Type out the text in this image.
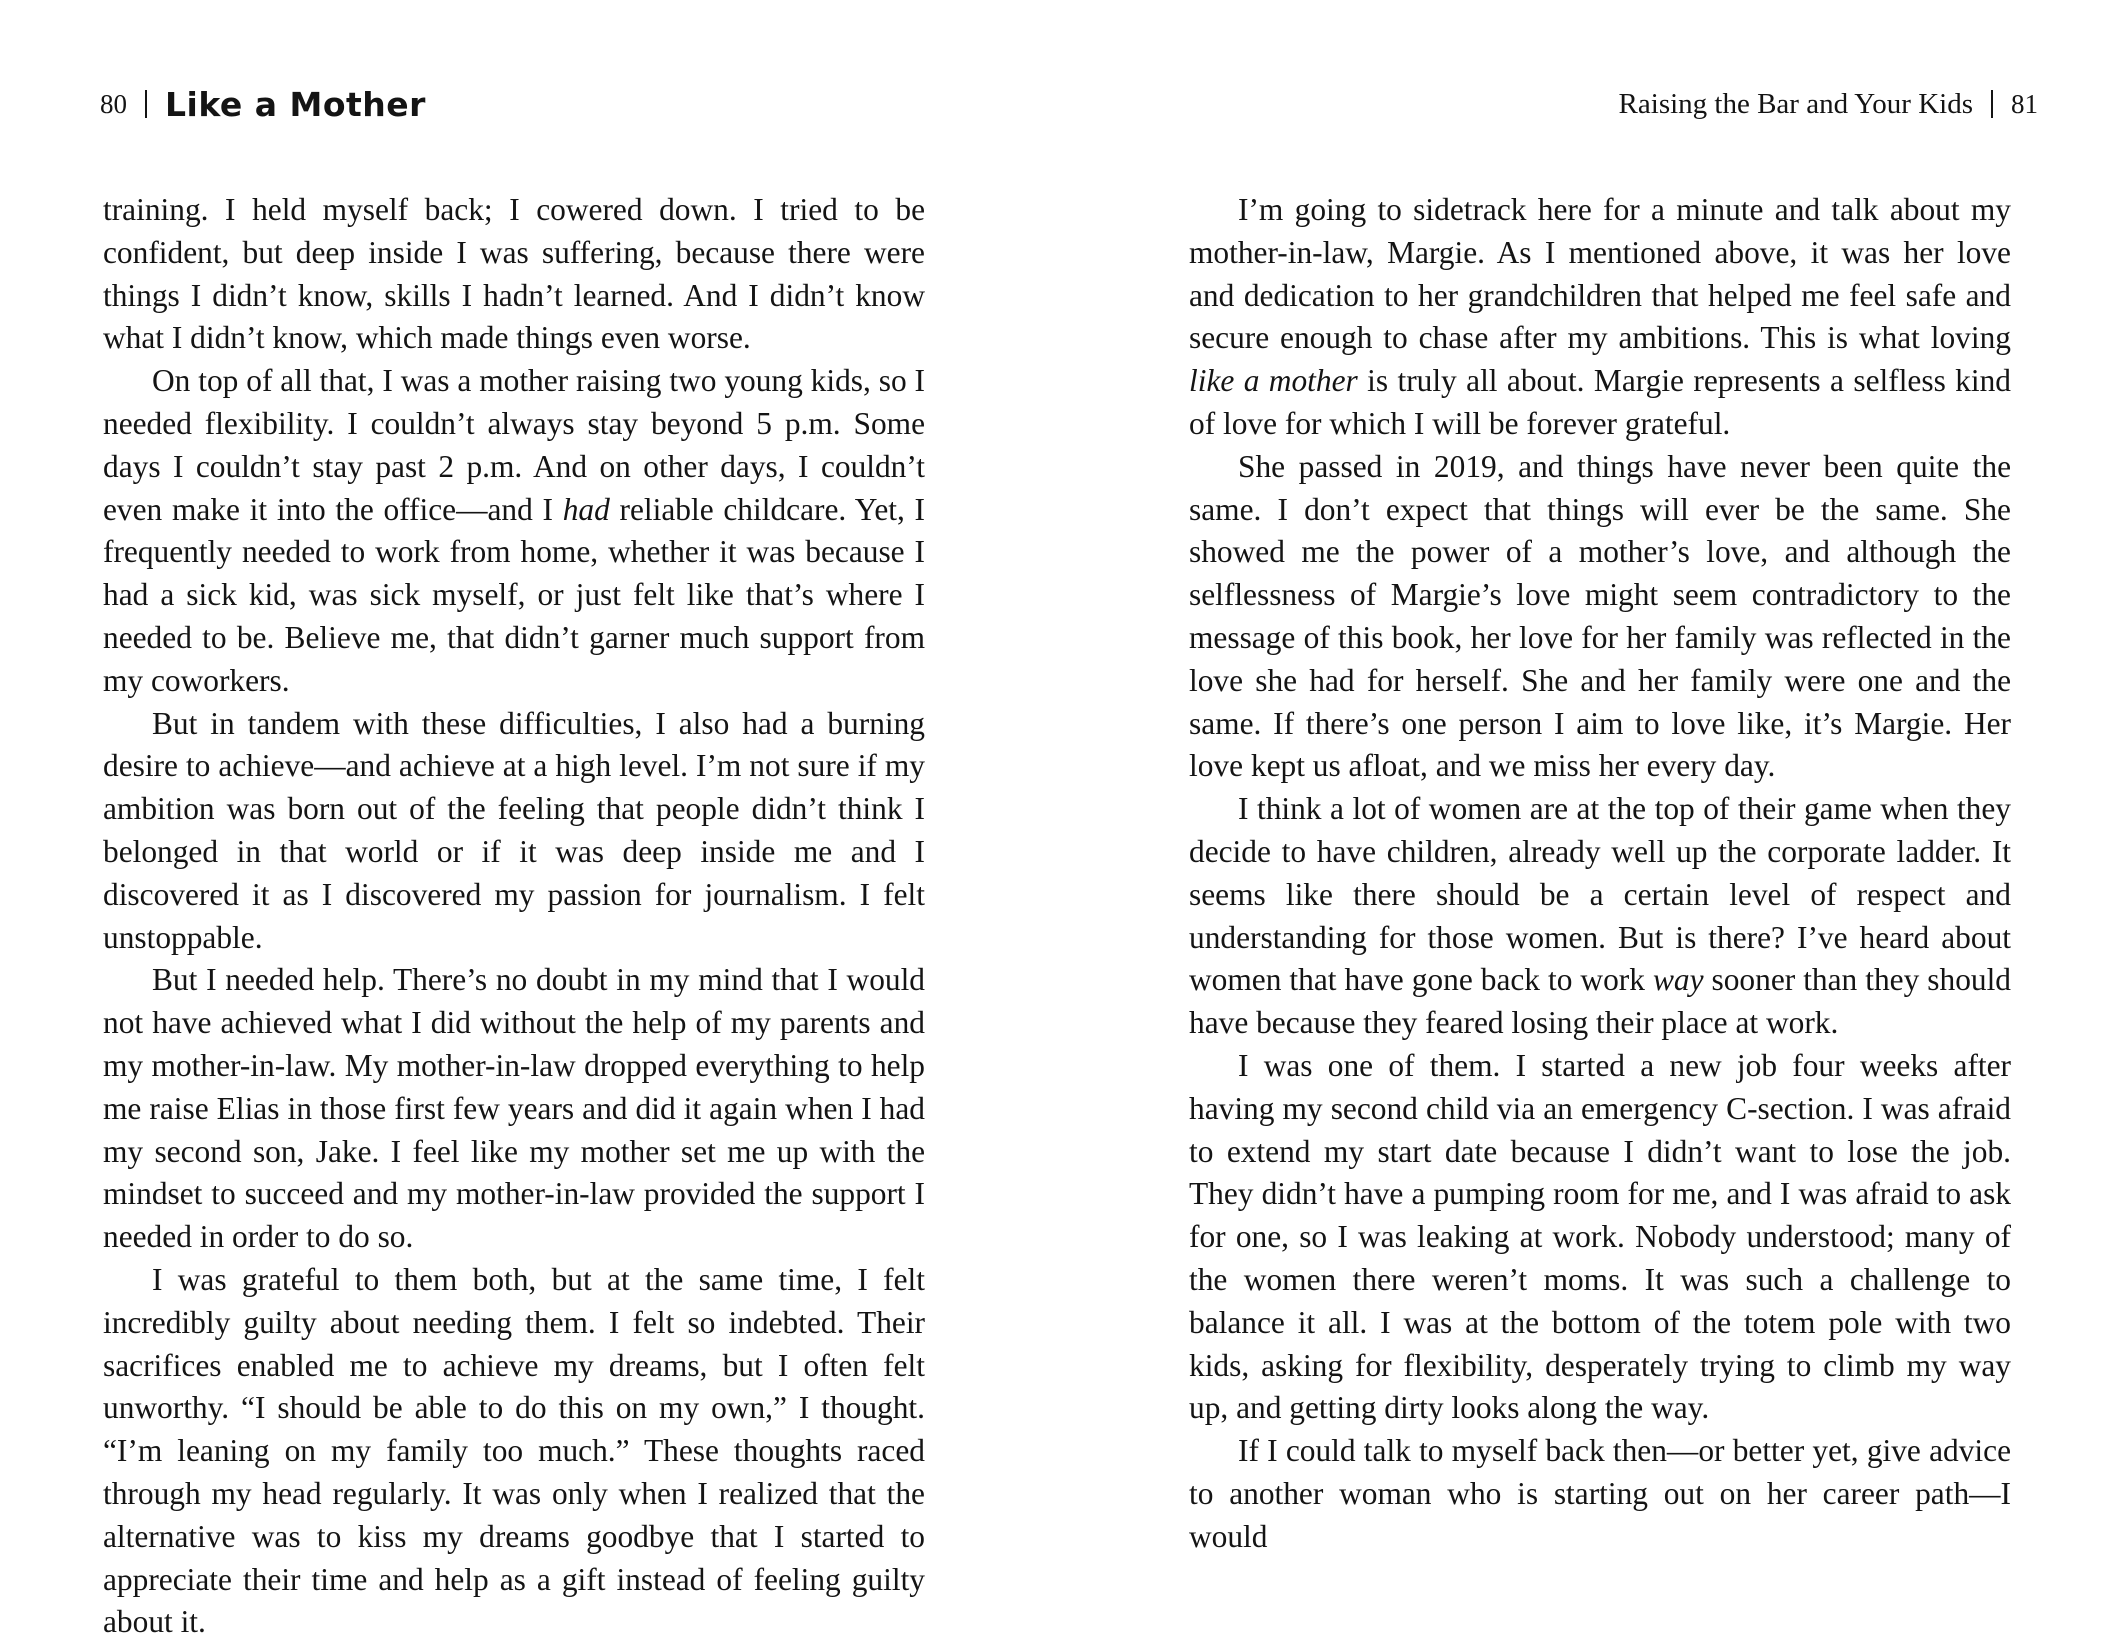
80 Like a Mother

training. I held myself back; I cowered down. I tried to be confident, but deep inside I was suffering, because there were things I didn’t know, skills I hadn’t learned. And I didn’t know what I didn’t know, which made things even worse.

On top of all that, I was a mother raising two young kids, so I needed flexibility. I couldn’t always stay beyond 5 p.m. Some days I couldn’t stay past 2 p.m. And on other days, I couldn’t even make it into the office—and I had reliable childcare. Yet, I frequently needed to work from home, whether it was because I had a sick kid, was sick myself, or just felt like that’s where I needed to be. Believe me, that didn’t garner much support from my coworkers.

But in tandem with these difficulties, I also had a burning desire to achieve—and achieve at a high level. I’m not sure if my ambition was born out of the feeling that people didn’t think I belonged in that world or if it was deep inside me and I discovered it as I discovered my passion for journalism. I felt unstoppable.

But I needed help. There’s no doubt in my mind that I would not have achieved what I did without the help of my parents and my mother-in-law. My mother-in-law dropped everything to help me raise Elias in those first few years and did it again when I had my second son, Jake. I feel like my mother set me up with the mindset to succeed and my mother-in-law provided the support I needed in order to do so.

I was grateful to them both, but at the same time, I felt incredibly guilty about needing them. I felt so indebted. Their sacrifices enabled me to achieve my dreams, but I often felt unworthy. “I should be able to do this on my own,” I thought. “I’m leaning on my family too much.” These thoughts raced through my head regularly. It was only when I realized that the alternative was to kiss my dreams goodbye that I started to appreciate their time and help as a gift instead of feeling guilty about it.

Raising the Bar and Your Kids 81

I’m going to sidetrack here for a minute and talk about my mother-in-law, Margie. As I mentioned above, it was her love and dedication to her grandchildren that helped me feel safe and secure enough to chase after my ambitions. This is what loving like a mother is truly all about. Margie represents a selfless kind of love for which I will be forever grateful.

She passed in 2019, and things have never been quite the same. I don’t expect that things will ever be the same. She showed me the power of a mother’s love, and although the selflessness of Margie’s love might seem contradictory to the message of this book, her love for her family was reflected in the love she had for herself. She and her family were one and the same. If there’s one person I aim to love like, it’s Margie. Her love kept us afloat, and we miss her every day.

I think a lot of women are at the top of their game when they decide to have children, already well up the corporate ladder. It seems like there should be a certain level of respect and understanding for those women. But is there? I’ve heard about women that have gone back to work way sooner than they should have because they feared losing their place at work.

I was one of them. I started a new job four weeks after having my second child via an emergency C-section. I was afraid to extend my start date because I didn’t want to lose the job. They didn’t have a pumping room for me, and I was afraid to ask for one, so I was leaking at work. Nobody understood; many of the women there weren’t moms. It was such a challenge to balance it all. I was at the bottom of the totem pole with two kids, asking for flexibility, desperately trying to climb my way up, and getting dirty looks along the way.

If I could talk to myself back then—or better yet, give advice to another woman who is starting out on her career path—I would
